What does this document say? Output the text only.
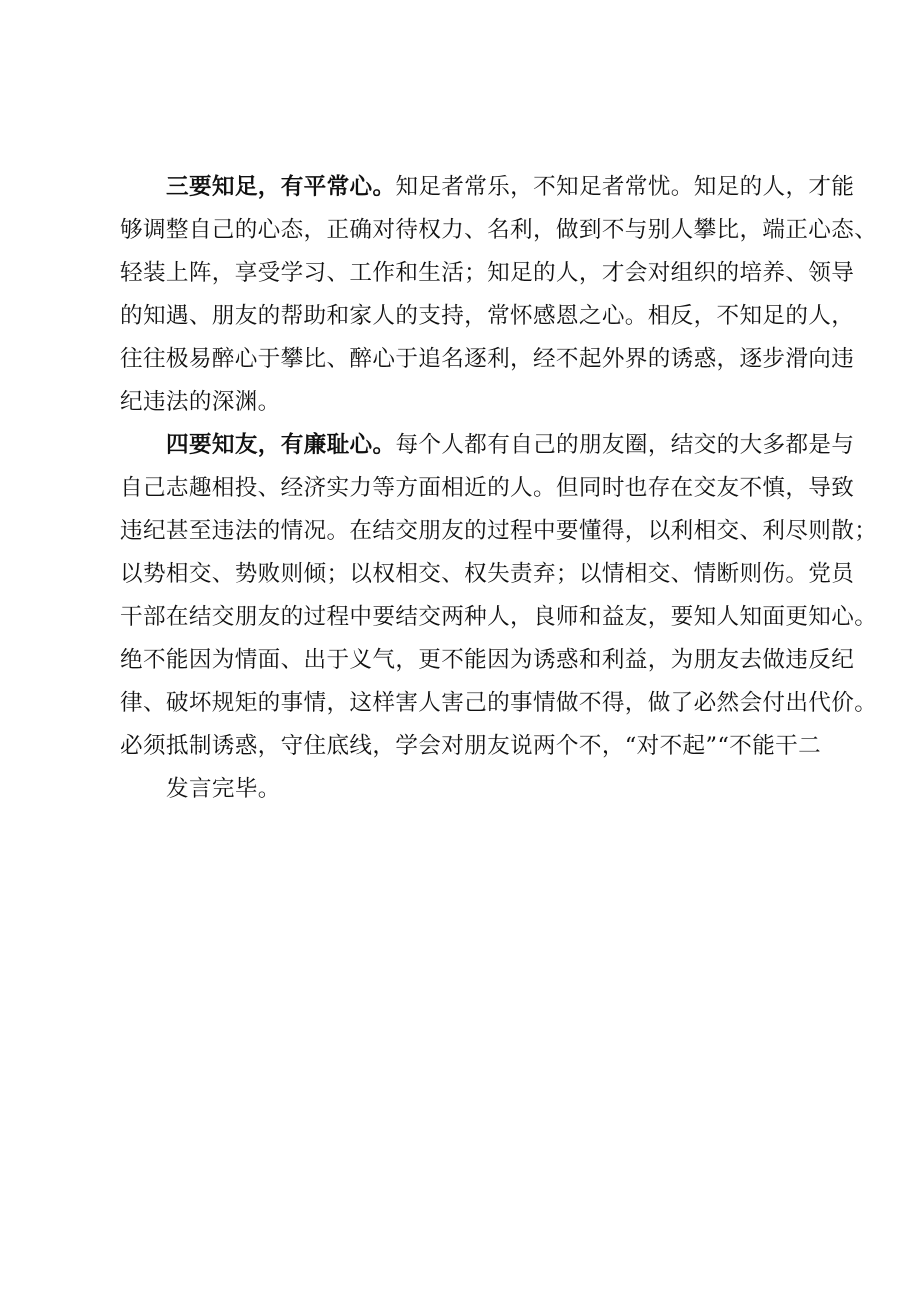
三要知足，有平常心。知足者常乐，不知足者常忧。知足的人，才能
够调整自己的心态，正确对待权力、名利，做到不与别人攀比，端正心态、
轻装上阵，享受学习、工作和生活；知足的人，才会对组织的培养、领导
的知遇、朋友的帮助和家人的支持，常怀感恩之心。相反，不知足的人，
往往极易醉心于攀比、醉心于追名逐利，经不起外界的诱惑，逐步滑向违
纪违法的深渊。
四要知友，有廉耻心。每个人都有自己的朋友圈，结交的大多都是与
自己志趣相投、经济实力等方面相近的人。但同时也存在交友不慎，导致
违纪甚至违法的情况。在结交朋友的过程中要懂得，以利相交、利尽则散；
以势相交、势败则倾；以权相交、权失责弃；以情相交、情断则伤。党员
干部在结交朋友的过程中要结交两种人，良师和益友，要知人知面更知心。
绝不能因为情面、出于义气，更不能因为诱惑和利益，为朋友去做违反纪
律、破坏规矩的事情，这样害人害己的事情做不得，做了必然会付出代价。
必须抵制诱惑，守住底线，学会对朋友说两个不，“对不起”“不能干二
发言完毕。
